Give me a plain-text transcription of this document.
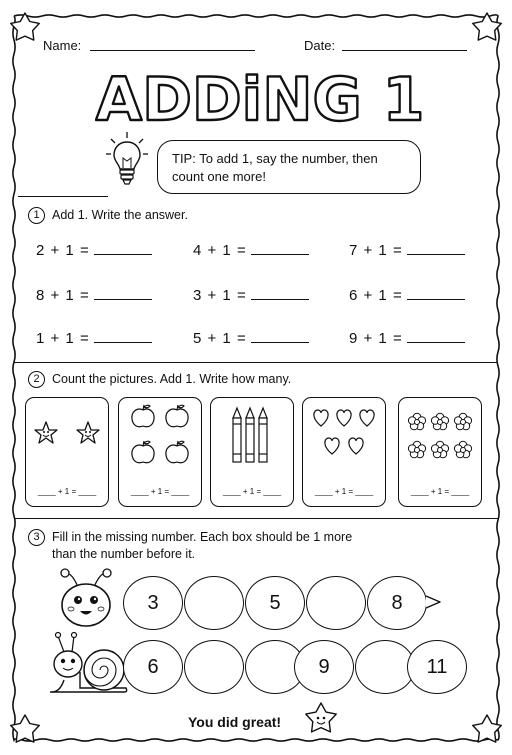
Name:	Date:
ADDiNG 1
TIP: To add 1, say the number, then count one more!
1 Add 1. Write the answer.
2 + 1 =	4 + 1 =	7 + 1 =
8 + 1 =	3 + 1 =	6 + 1 =
1 + 1 =	5 + 1 =	9 + 1 =
2 Count the pictures. Add 1. Write how many.
____ + 1 = ____	____ + 1 = ____	____ + 1 = ____	____ + 1 = ____	____ + 1 = ____
3 Fill in the missing number. Each box should be 1 more
than the number before it.
3	5	8
6	9	11
You did great!
